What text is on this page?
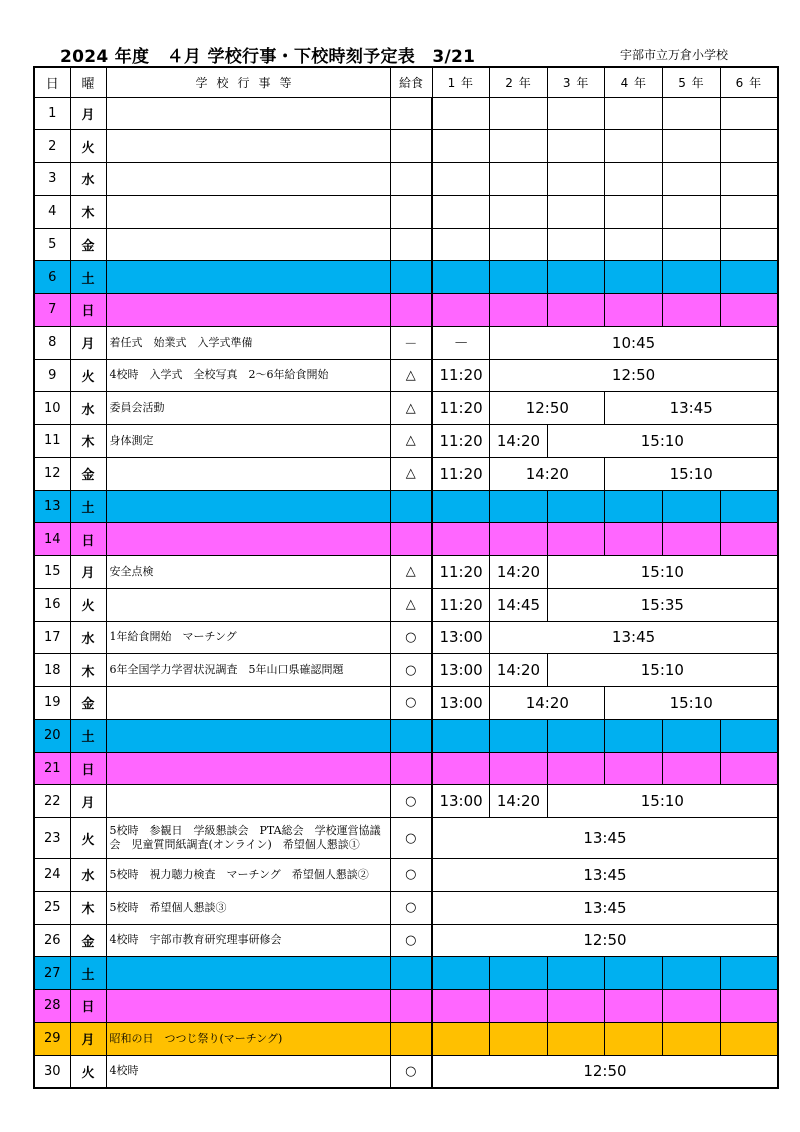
2024 年度　４月 学校行事・下校時刻予定表　3/21	宇部市立万倉小学校
日	曜	学校行事等	給食	1 年	2 年	3 年	4 年	5 年	6 年
1	月								
2	火								
3	水								
4	木								
5	金								
6	土								
7	日								
8	月	着任式　始業式　入学式準備	－	－	10:45				
9	火	4校時　入学式　全校写真　2～6年給食開始	△	11:20	12:50				
10	水	委員会活動	△	11:20	12:50		13:45		
11	木	身体測定	△	11:20	14:20	15:10			
12	金		△	11:20	14:20		15:10		
13	土								
14	日								
15	月	安全点検	△	11:20	14:20	15:10			
16	火		△	11:20	14:45	15:35			
17	水	1年給食開始　マーチング	○	13:00	13:45				
18	木	6年全国学力学習状況調査　5年山口県確認問題	○	13:00	14:20	15:10			
19	金		○	13:00	14:20		15:10		
20	土								
21	日								
22	月		○	13:00	14:20	15:10			
23	火	5校時　参観日　学級懇談会　PTA総会　学校運営協議会　児童質問紙調査(オンライン)　希望個人懇談①	○	13:45					
24	水	5校時　視力聴力検査　マーチング　希望個人懇談②	○	13:45					
25	木	5校時　希望個人懇談③	○	13:45					
26	金	4校時　宇部市教育研究理事研修会	○	12:50					
27	土								
28	日								
29	月	昭和の日　つつじ祭り(マーチング)							
30	火	4校時	○	12:50					
